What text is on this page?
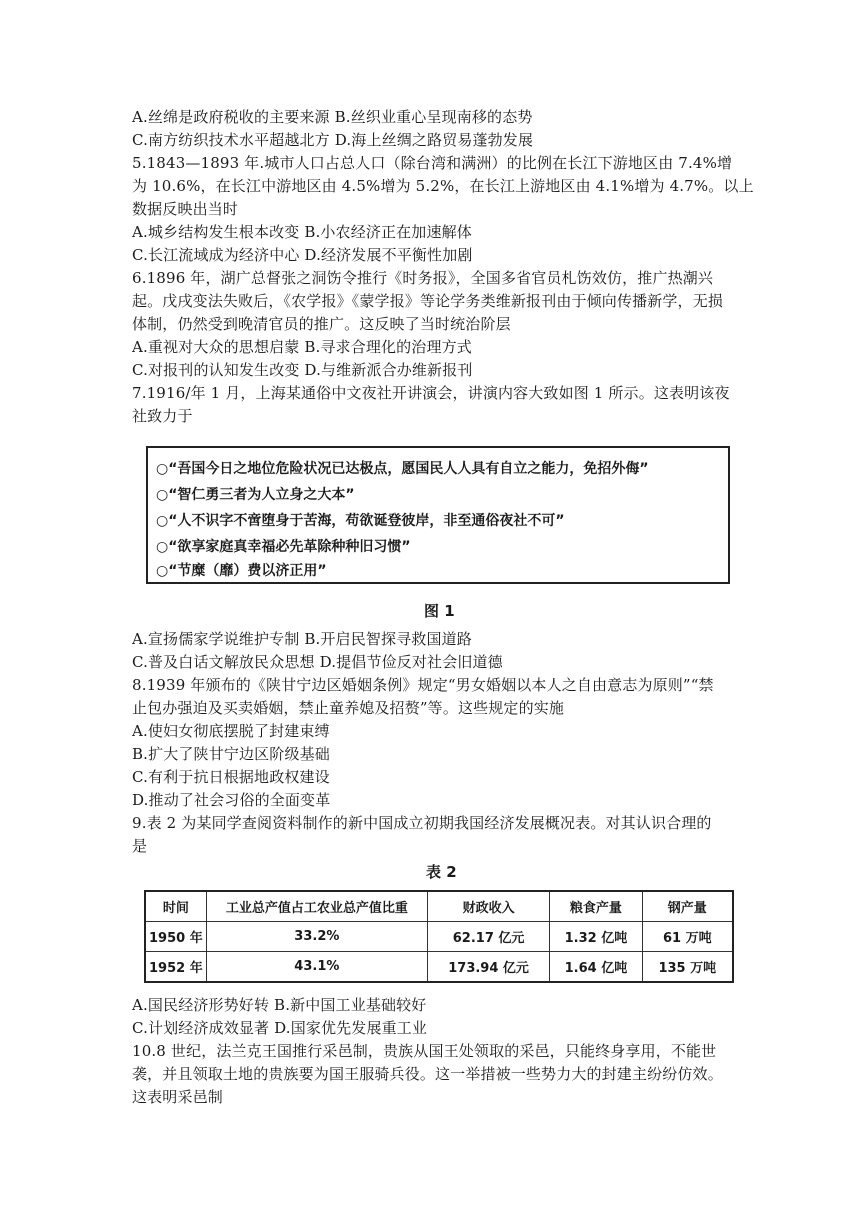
A.丝绵是政府税收的主要来源 B.丝织业重心呈现南移的态势
C.南方纺织技术水平超越北方 D.海上丝绸之路贸易蓬勃发展
5.1843—1893 年.城市人口占总人口（除台湾和满洲）的比例在长江下游地区由 7.4%增
为 10.6%，在长江中游地区由 4.5%增为 5.2%，在长江上游地区由 4.1%增为 4.7%。以上
数据反映出当时
A.城乡结构发生根本改变 B.小农经济正在加速解体
C.长江流域成为经济中心 D.经济发展不平衡性加剧
6.1896 年，湖广总督张之洞饬令推行《时务报》，全国多省官员札饬效仿，推广热潮兴
起。戊戌变法失败后，《农学报》《蒙学报》等论学务类维新报刊由于倾向传播新学，无损
体制，仍然受到晚清官员的推广。这反映了当时统治阶层
A.重视对大众的思想启蒙 B.寻求合理化的治理方式
C.对报刊的认知发生改变 D.与维新派合办维新报刊
7.1916/年 1 月，上海某通俗中文夜社开讲演会，讲演内容大致如图 1 所示。这表明该夜
社致力于
○“吾国今日之地位危险状况已达极点，愿国民人人具有自立之能力，免招外侮”
○“智仁勇三者为人立身之大本”
○“人不识字不啻堕身于苦海，苟欲诞登彼岸，非至通俗夜社不可”
○“欲享家庭真幸福必先革除种种旧习惯”
○“节糜（靡）费以济正用”
图 1
A.宣扬儒家学说维护专制 B.开启民智探寻救国道路
C.普及白话文解放民众思想 D.提倡节俭反对社会旧道德
8.1939 年颁布的《陕甘宁边区婚姻条例》规定“男女婚姻以本人之自由意志为原则”“禁
止包办强迫及买卖婚姻，禁止童养媳及招赘”等。这些规定的实施
A.使妇女彻底摆脱了封建束缚
B.扩大了陕甘宁边区阶级基础
C.有利于抗日根据地政权建设
D.推动了社会习俗的全面变革
9.表 2 为某同学查阅资料制作的新中国成立初期我国经济发展概况表。对其认识合理的
是
表 2
时间	工业总产值占工农业总产值比重	财政收入	粮食产量	钢产量
1950 年	33.2%	62.17 亿元	1.32 亿吨	61 万吨
1952 年	43.1%	173.94 亿元	1.64 亿吨	135 万吨
A.国民经济形势好转 B.新中国工业基础较好
C.计划经济成效显著 D.国家优先发展重工业
10.8 世纪，法兰克王国推行采邑制，贵族从国王处领取的采邑，只能终身享用，不能世
袭，并且领取土地的贵族要为国王服骑兵役。这一举措被一些势力大的封建主纷纷仿效。
这表明采邑制
